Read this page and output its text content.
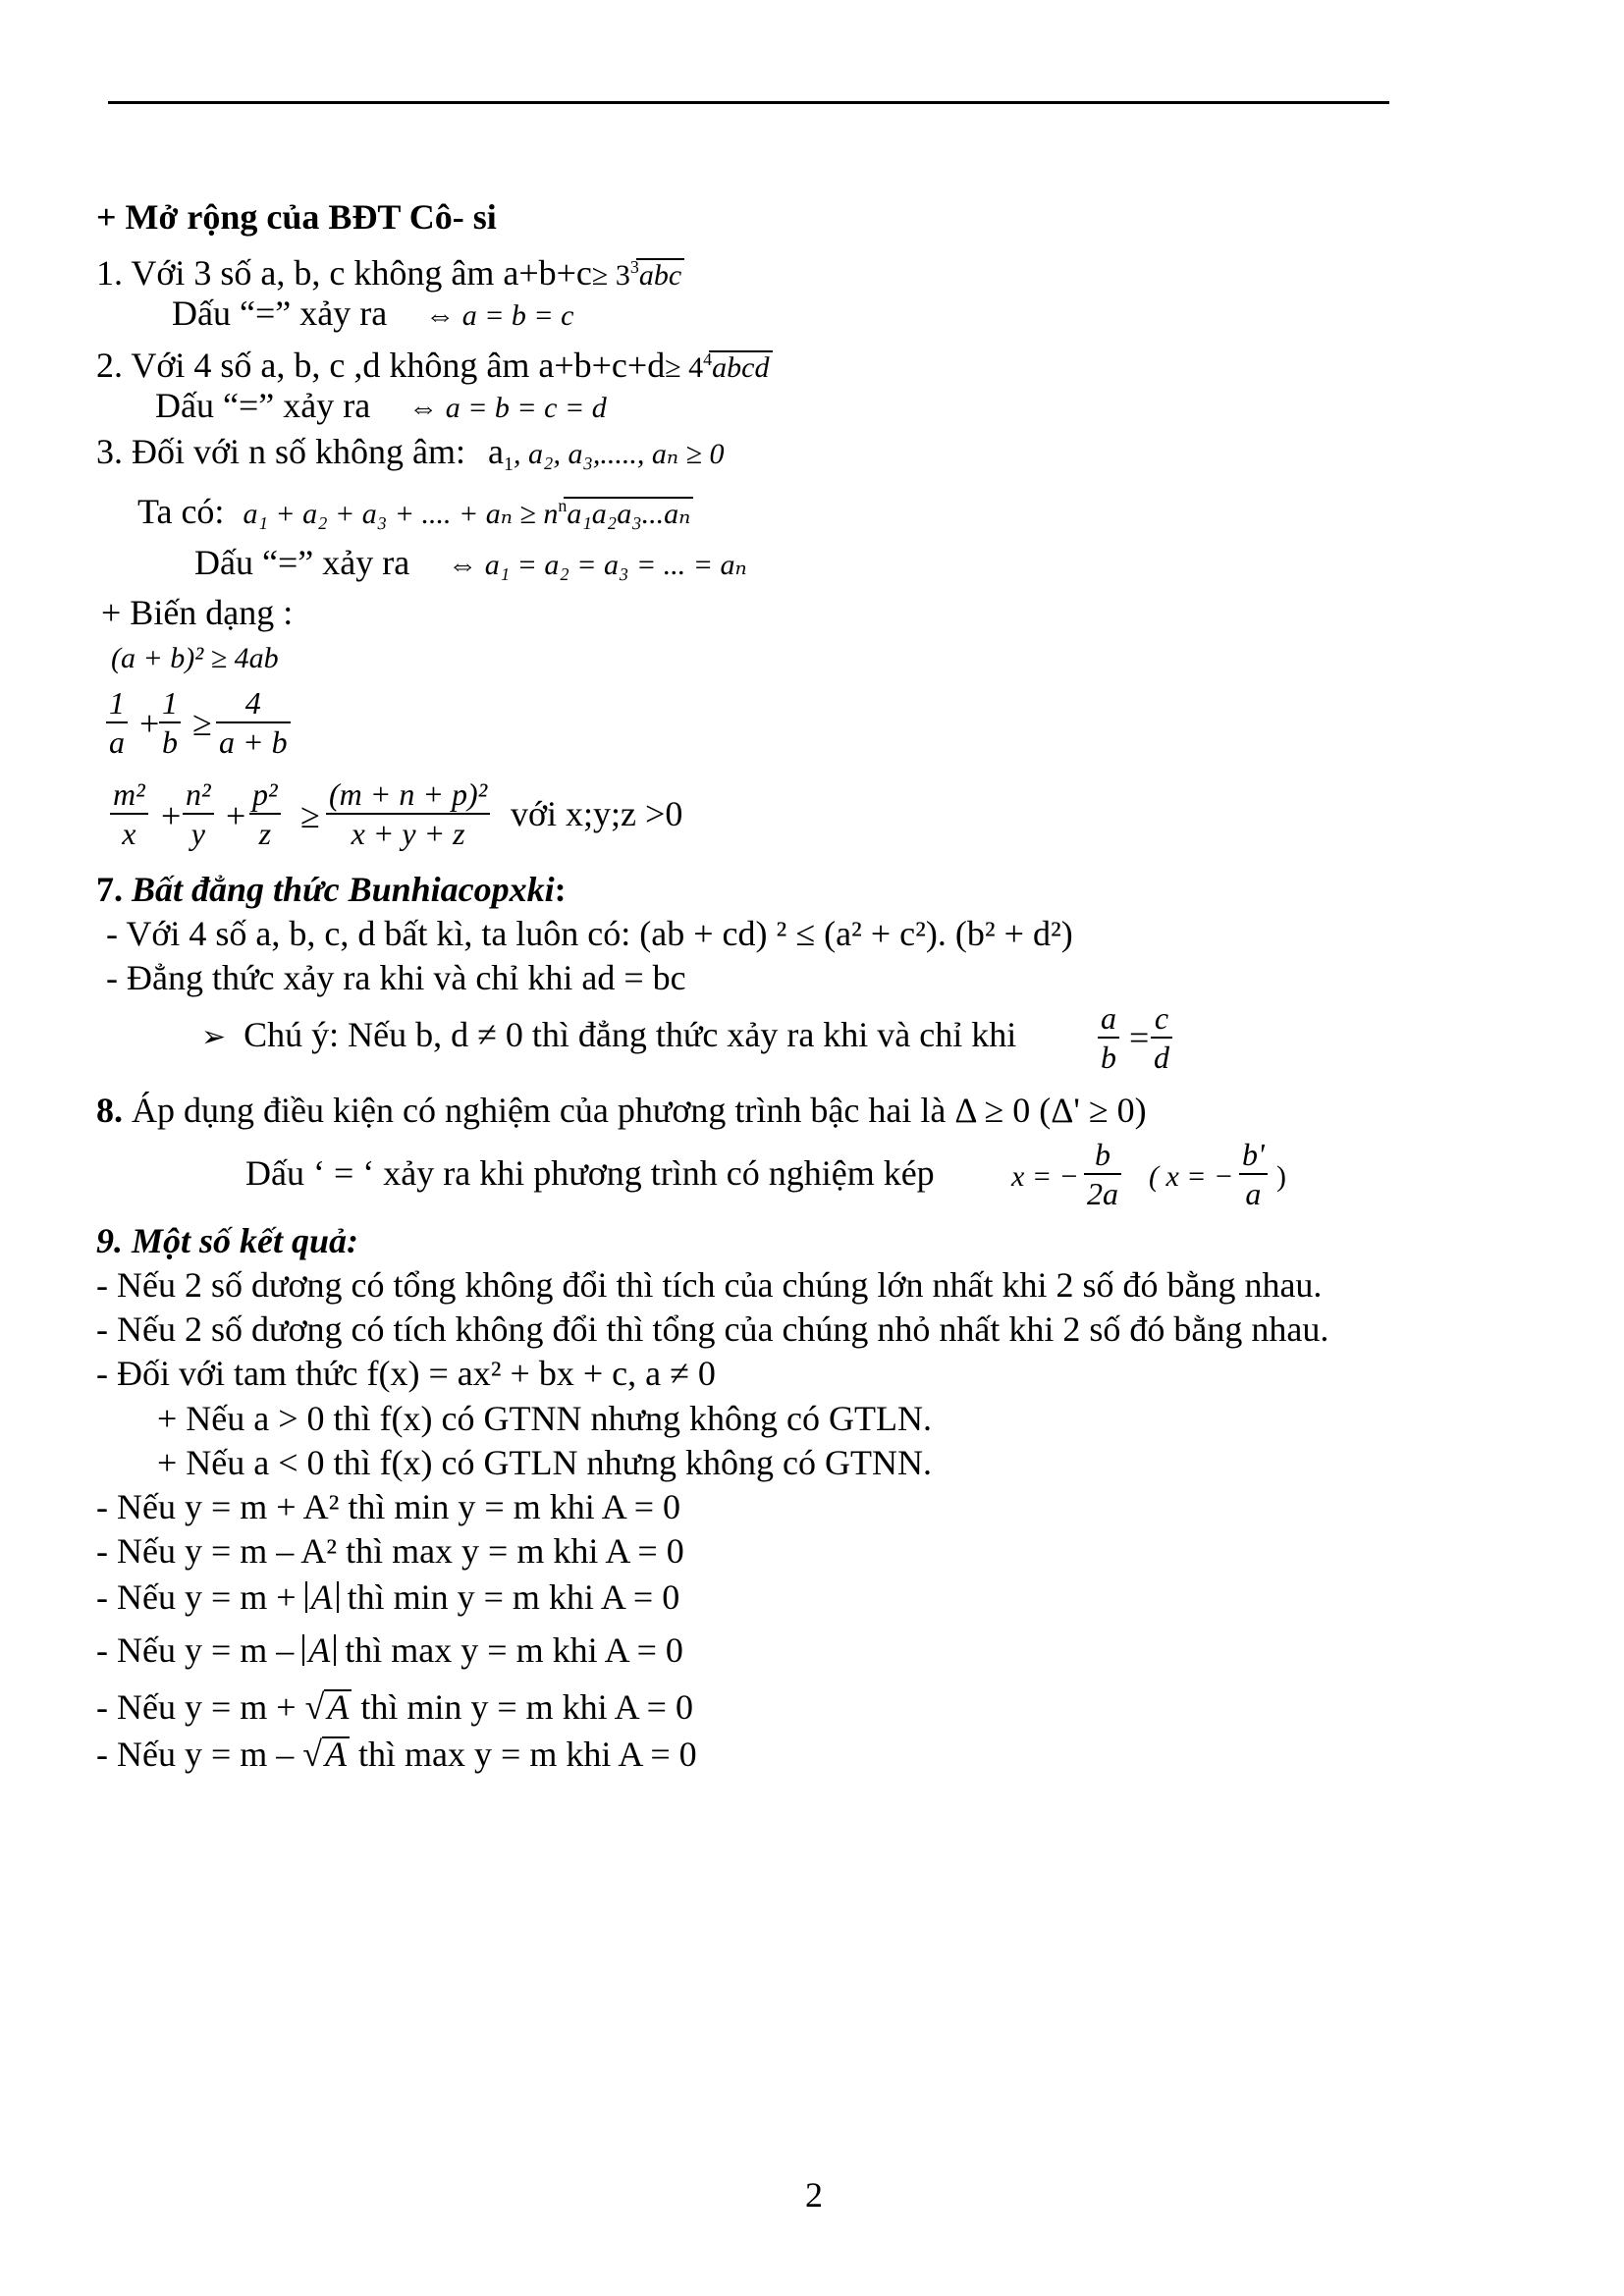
+ Mở rộng của BĐT Cô- si
1. Với 3 số a, b, c không âm $a+b+c\ge 3^3abc$
Dấu “=” xảy ra ⇔ a = b = c
2. Với 4 số a, b, c ,d không âm $a+b+c+d\ge 4^4abcd$
Dấu “=” xảy ra ⇔ a = b = c = d
3. Đối với n số không âm: $a_1$, a₂, a₃,....., aₙ ≥ 0
Ta có: a₁ + a₂ + a₃ + .... + $a_n \ge n^na_1a_2a_3...a_n$
Dấu “=” xảy ra ⇔ a₁ = a₂ = a₃ = ... = aₙ
+ Biến dạng :
(a + b)² ≥ 4ab
$\frac{1}{a} + \frac{1}{b} \ge \frac{4}{a + b}$
$\frac{\text{m²}}{x} + \frac{\text{n²}}{y} + \frac{\text{p²}}{z} \ge \frac{\text{(m + n + p)²}}{x + y + z}$ với x;y;z >0
7. Bất đẳng thức Bunhiacopxki:
- Với 4 số a, b, c, d bất kì, ta luôn có: (ab + cd) ² ≤ (a² + c²). (b² + d²)
- Đẳng thức xảy ra khi và chỉ khi ad = bc
➢ Chú ý: Nếu b, d ≠ 0 thì đẳng thức xảy ra khi và chỉ khi	$\frac{a}{b} = \frac{c}{d}$
8. Áp dụng điều kiện có nghiệm của phương trình bậc hai là Δ ≥ 0 (Δ' ≥ 0)
Dấu ‘ = ‘ xảy ra khi phương trình có nghiệm kép	x = − $\frac{b}{2a}$ ( x = − $\frac{b'}{a}$ )
9. Một số kết quả:
- Nếu 2 số dương có tổng không đổi thì tích của chúng lớn nhất khi 2 số đó bằng nhau.
- Nếu 2 số dương có tích không đổi thì tổng của chúng nhỏ nhất khi 2 số đó bằng nhau.
- Đối với tam thức f(x) = ax² + bx + c, a ≠ 0
+ Nếu a > 0 thì f(x) có GTNN nhưng không có GTLN.
+ Nếu a < 0 thì f(x) có GTLN nhưng không có GTNN.
- Nếu y = m + A² thì min y = m khi A = 0
- Nếu y = m – A² thì max y = m khi A = 0
- Nếu y = m + A thì min y = m khi A = 0
- Nếu y = m – A thì max y = m khi A = 0
- Nếu y = m + √A thì min y = m khi A = 0
- Nếu y = m – √A thì max y = m khi A = 0
2
